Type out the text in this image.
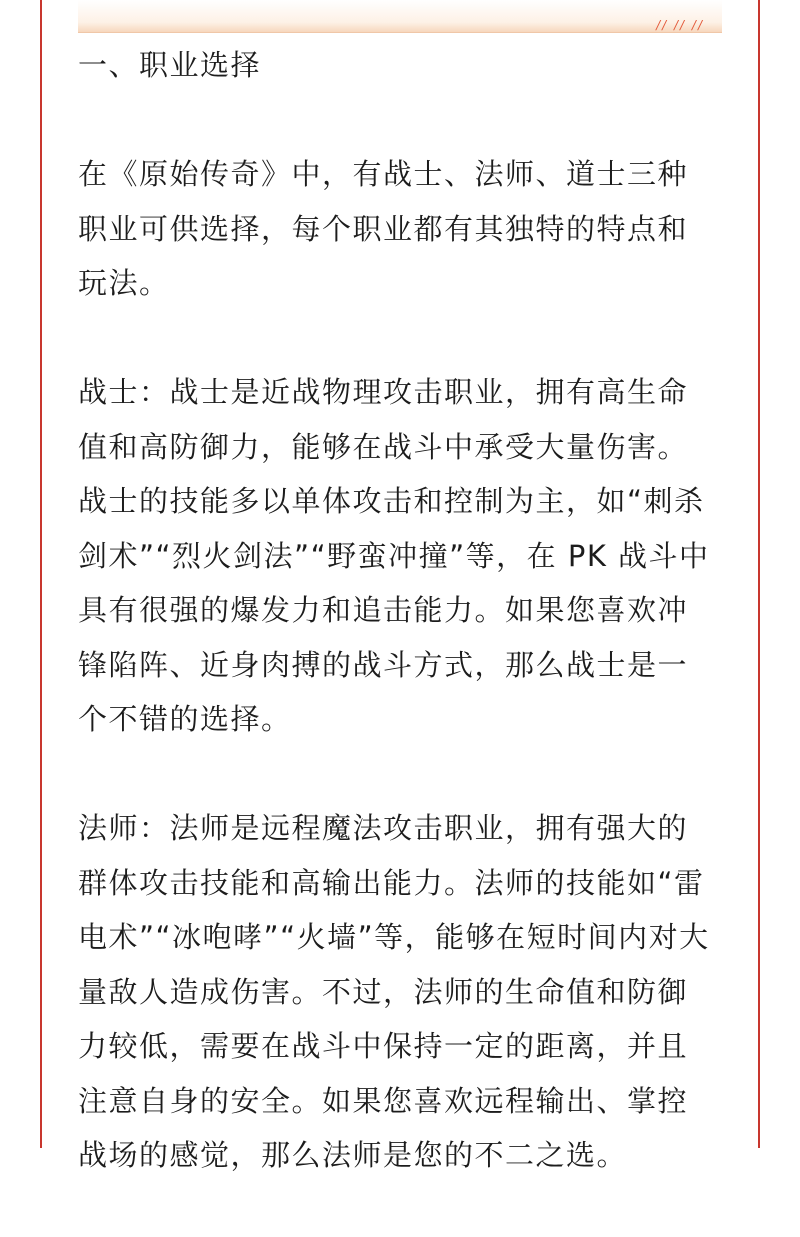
// // //

一、职业选择

在《原始传奇》中，有战士、法师、道士三种职业可供选择，每个职业都有其独特的特点和玩法。

战士：战士是近战物理攻击职业，拥有高生命值和高防御力，能够在战斗中承受大量伤害。战士的技能多以单体攻击和控制为主，如“刺杀剑术”“烈火剑法”“野蛮冲撞”等，在 PK 战斗中具有很强的爆发力和追击能力。如果您喜欢冲锋陷阵、近身肉搏的战斗方式，那么战士是一个不错的选择。

法师：法师是远程魔法攻击职业，拥有强大的群体攻击技能和高输出能力。法师的技能如“雷电术”“冰咆哮”“火墙”等，能够在短时间内对大量敌人造成伤害。不过，法师的生命值和防御力较低，需要在战斗中保持一定的距离，并且注意自身的安全。如果您喜欢远程输出、掌控战场的感觉，那么法师是您的不二之选。
